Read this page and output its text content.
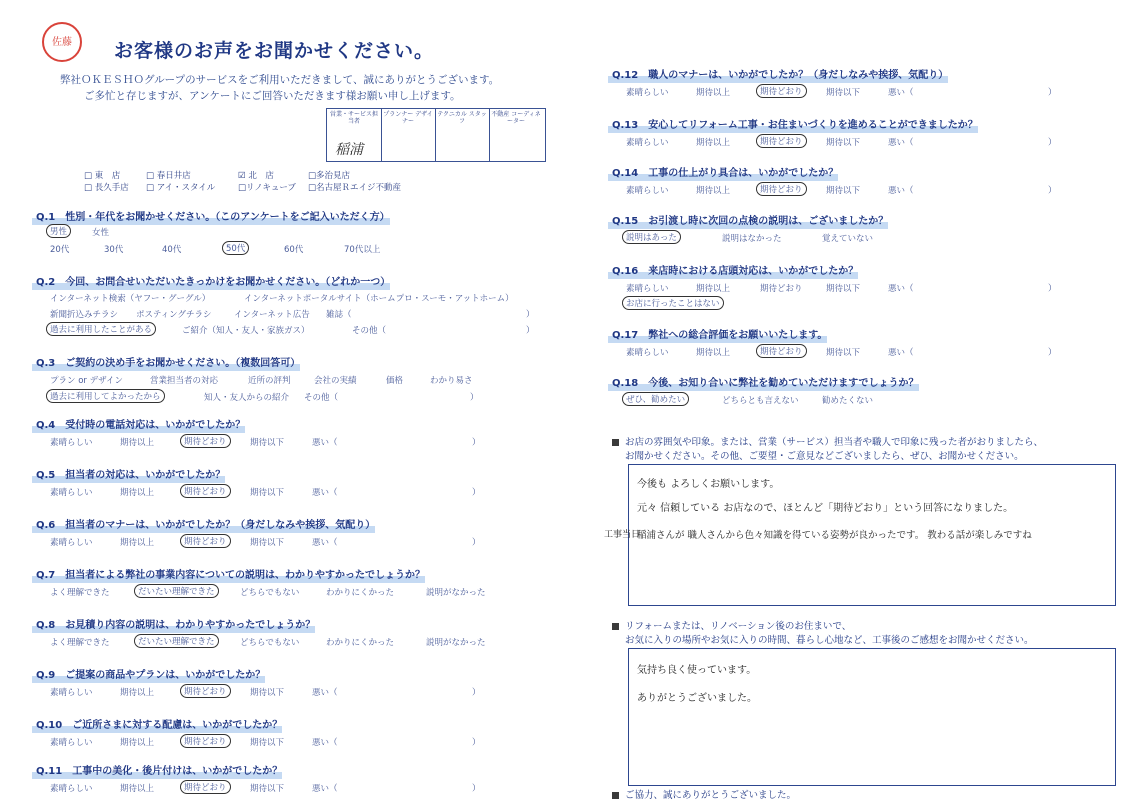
佐藤 お客様のお声をお聞かせください。
弊社ＯＫＥＳＨＯグループのサービスをご利用いただきまして、誠にありがとうございます。
ご多忙と存じますが、アンケートにご回答いただきます様お願い申し上げます。
営業・サービス担当者
プランナー デザイナー
テクニカル スタッフ
不動産 コーディネーター
稲浦
□ 東　店	□ 春日井店	☑ 北　店	□多治見店
□ 長久手店 □ アイ・スタイル	□リノキューブ □名古屋Ｒエイジ不動産
Q.1　性別・年代をお聞かせください。（このアンケートをご記入いただく方）
男性	女性
20代	30代	40代	50代	60代	70代以上
Q.2　今回、お問合せいただいたきっかけをお聞かせください。（どれか一つ）
インターネット検索（ヤフー・グーグル）	インターネットポータルサイト（ホームプロ・スーモ・アットホーム）
新聞折込みチラシ ポスティングチラシ	インターネット広告 雑誌（	）
過去に利用したことがある	ご紹介（知人・友人・家族ガス）	その他（	）
Q.3　ご契約の決め手をお聞かせください。（複数回答可）
プラン or デザイン	営業担当者の対応	近所の評判	会社の実績	価格	わかり易さ
過去に利用してよかったから	知人・友人からの紹介 その他（	）
Q.4　受付時の電話対応は、いかがでしたか？
素晴らしい	期待以上	期待どおり	期待以下	悪い（	）
Q.5　担当者の対応は、いかがでしたか？
素晴らしい	期待以上	期待どおり	期待以下	悪い（	）
Q.6　担当者のマナーは、いかがでしたか？（身だしなみや挨拶、気配り）
素晴らしい	期待以上	期待どおり	期待以下	悪い（	）
Q.7　担当者による弊社の事業内容についての説明は、わかりやすかったでしょうか？
よく理解できた	だいたい理解できた	どちらでもない	わかりにくかった	説明がなかった
Q.8　お見積り内容の説明は、わかりやすかったでしょうか？
よく理解できた	だいたい理解できた	どちらでもない	わかりにくかった	説明がなかった
Q.9　ご提案の商品やプランは、いかがでしたか？
素晴らしい	期待以上	期待どおり	期待以下	悪い（	）
Q.10　ご近所さまに対する配慮は、いかがでしたか？
素晴らしい	期待以上	期待どおり	期待以下	悪い（	）
Q.11　工事中の美化・後片付けは、いかがでしたか？
素晴らしい	期待以上	期待どおり	期待以下	悪い（	）
Q.12　職人のマナーは、いかがでしたか？（身だしなみや挨拶、気配り）
素晴らしい	期待以上	期待どおり	期待以下	悪い（	）
Q.13　安心してリフォーム工事・お住まいづくりを進めることができましたか？
素晴らしい	期待以上	期待どおり	期待以下	悪い（	）
Q.14　工事の仕上がり具合は、いかがでしたか？
素晴らしい	期待以上	期待どおり	期待以下	悪い（	）
Q.15　お引渡し時に次回の点検の説明は、ございましたか？
説明はあった	説明はなかった	覚えていない
Q.16　来店時における店頭対応は、いかがでしたか？
素晴らしい	期待以上	期待どおり	期待以下	悪い（	）
お店に行ったことはない
Q.17　弊社への総合評価をお願いいたします。
素晴らしい	期待以上	期待どおり	期待以下	悪い（	）
Q.18　今後、お知り合いに弊社を勧めていただけますでしょうか？
ぜひ、勧めたい	どちらとも言えない	勧めたくない
お店の雰囲気や印象。または、営業（サービス）担当者や職人で印象に残った者がおりましたら、
お聞かせください。その他、ご要望・ご意見などございましたら、ぜひ、お聞かせください。
今後も よろしくお願いします。
元々 信頼している お店なので、ほとんど「期待どおり」という回答になりました。
稲浦さんが 職人さんから色々知識を得ている姿勢が良かったです。 教わる話が楽しみですね
工事当日
リフォームまたは、リノベーション後のお住まいで、
お気に入りの場所やお気に入りの時間、暮らし心地など、工事後のご感想をお聞かせください。
気持ち良く使っています。
ありがとうございました。
ご協力、誠にありがとうございました。
